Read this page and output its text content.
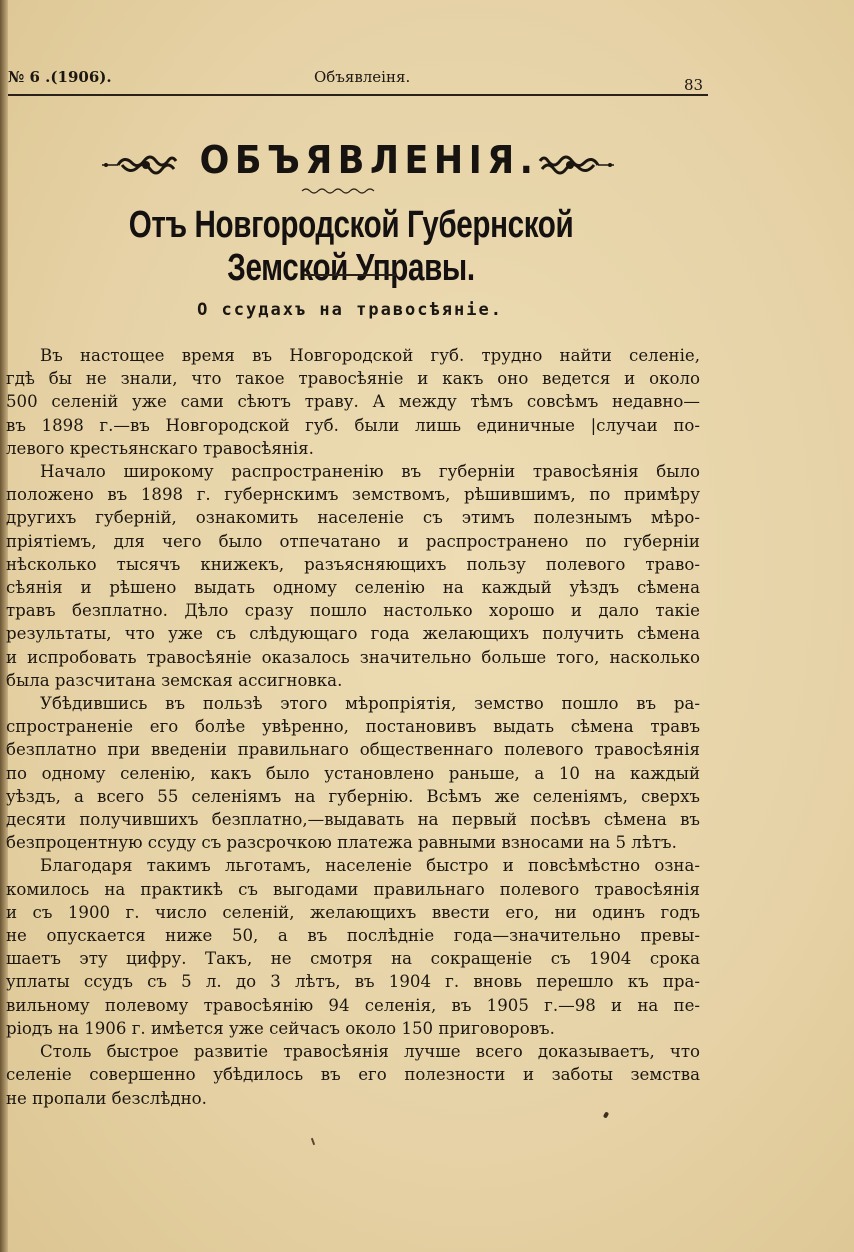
№ 6 .(1906).	Объявлеiня.	83
ОБЪЯВЛЕНIЯ.
Отъ Новгородской Губернской Земской Управы.
О ссудахъ на травосѣянiе.
Въ настощее время въ Новгородской губ. трудно найти селенiе,
гдѣ бы не знали, что такое травосѣянiе и какъ оно ведется и около
500 селенiй уже сами сѣютъ траву. А между тѣмъ совсѣмъ недавно—
въ 1898 г.—въ Новгородской губ. были лишь единичные |случаи по-
левого крестьянскаго травосѣянiя.
Начало широкому распространенiю въ губернiи травосѣянiя было
положено въ 1898 г. губернскимъ земствомъ, рѣшившимъ, по примѣру
другихъ губернiй, ознакомить населенiе съ этимъ полезнымъ мѣро-
прiятiемъ, для чего было отпечатано и распространено по губернiи
нѣсколько тысячъ книжекъ, разъясняющихъ пользу полевого траво-
сѣянiя и рѣшено выдать одному селенiю на каждый уѣздъ сѣмена
травъ безплатно. Дѣло сразу пошло настолько хорошо и дало такiе
результаты, что уже съ слѣдующаго года желающихъ получить сѣмена
и испробовать травосѣянiе оказалось значительно больше того, насколько
была разсчитана земская ассигновка.
Убѣдившись въ пользѣ этого мѣропрiятiя, земство пошло въ ра-
спространенiе его болѣе увѣренно, постановивъ выдать сѣмена травъ
безплатно при введенiи правильнаго общественнаго полевого травосѣянiя
по одному селенiю, какъ было установлено раньше, а 10 на каждый
уѣздъ, а всего 55 селенiямъ на губернiю. Всѣмъ же селенiямъ, сверхъ
десяти получившихъ безплатно,—выдавать на первый посѣвъ сѣмена въ
безпроцентную ссуду съ разсрочкою платежа равными взносами на 5 лѣтъ.
Благодаря такимъ льготамъ, населенiе быстро и повсѣмѣстно озна-
комилось на практикѣ съ выгодами правильнаго полевого травосѣянiя
и съ 1900 г. число селенiй, желающихъ ввести его, ни одинъ годъ
не опускается ниже 50, а въ послѣднiе года—значительно превы-
шаетъ эту цифру. Такъ, не смотря на сокращенiе съ 1904 срока
уплаты ссудъ съ 5 л. до 3 лѣтъ, въ 1904 г. вновь перешло къ пра-
вильному полевому травосѣянiю 94 селенiя, въ 1905 г.—98 и на пе-
рiодъ на 1906 г. имѣется уже сейчасъ около 150 приговоровъ.
Столь быстрое развитiе травосѣянiя лучше всего доказываетъ, что
селенiе совершенно убѣдилось въ его полезности и заботы земства
не пропали безслѣдно.
